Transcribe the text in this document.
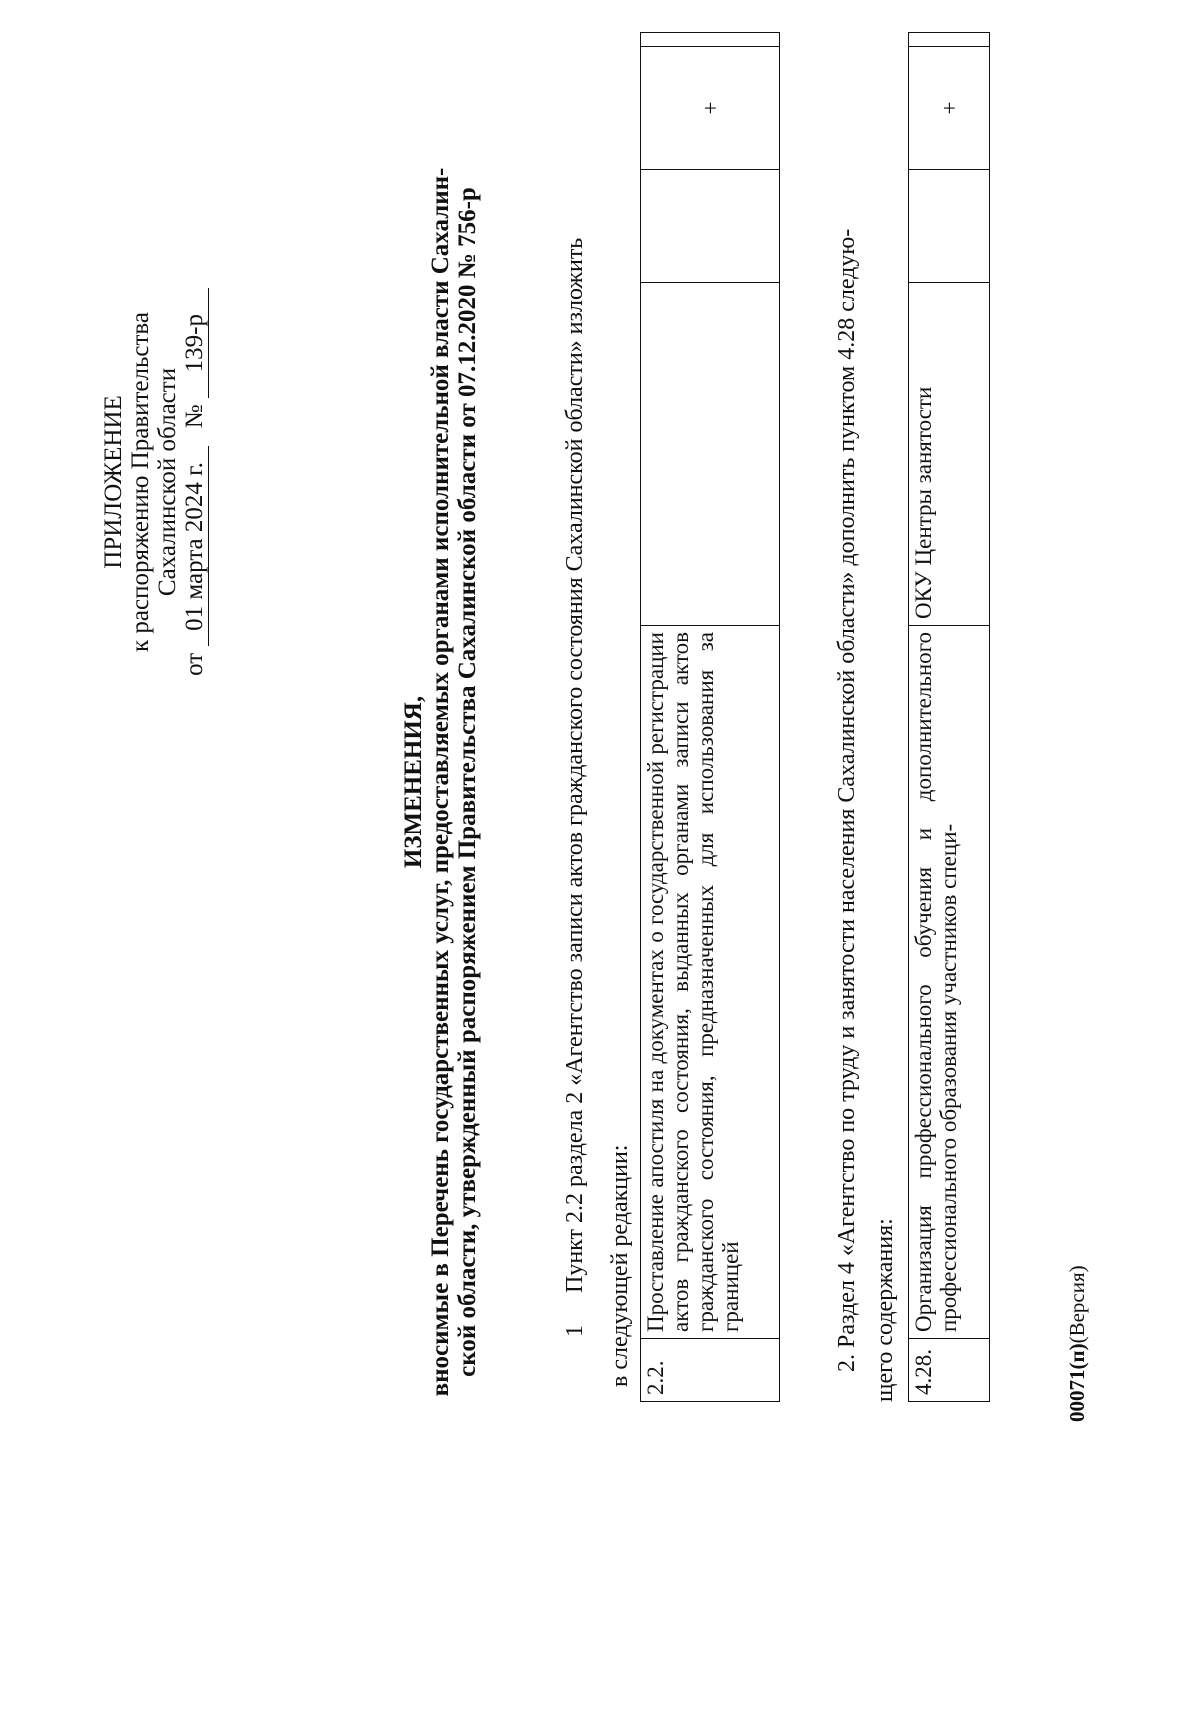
ПРИЛОЖЕНИЕ к распоряжению Правительства Сахалинской области
от 01 марта 2024 г. № 139-р
ИЗМЕНЕНИЯ, вносимые в Перечень государственных услуг, предоставляемых органами исполнительной власти Сахалин- ской области, утвержденный распоряжением Правительства Сахалинской области от 07.12.2020 № 756-р	1 Пункт 2.2 раздела 2 «Агентство записи актов гражданского состояния Сахалинской области» изложить в следующей редакции: 2.2.	Проставление апостиля на документах о государственной регистрации актов гражданского состояния, выданных органами записи актов гражданского состояния, предназначенных для использования за границей			+	
2. Раздел 4 «Агентство по труду и занятости населения Сахалинской области» дополнить пунктом 4.28 следую- щего содержания: 4.28.	Организация профессионального обучения и дополнительного профессионального образования участников специ-	ОКУ Центры занятости		+	
00071(п)(Версия)
